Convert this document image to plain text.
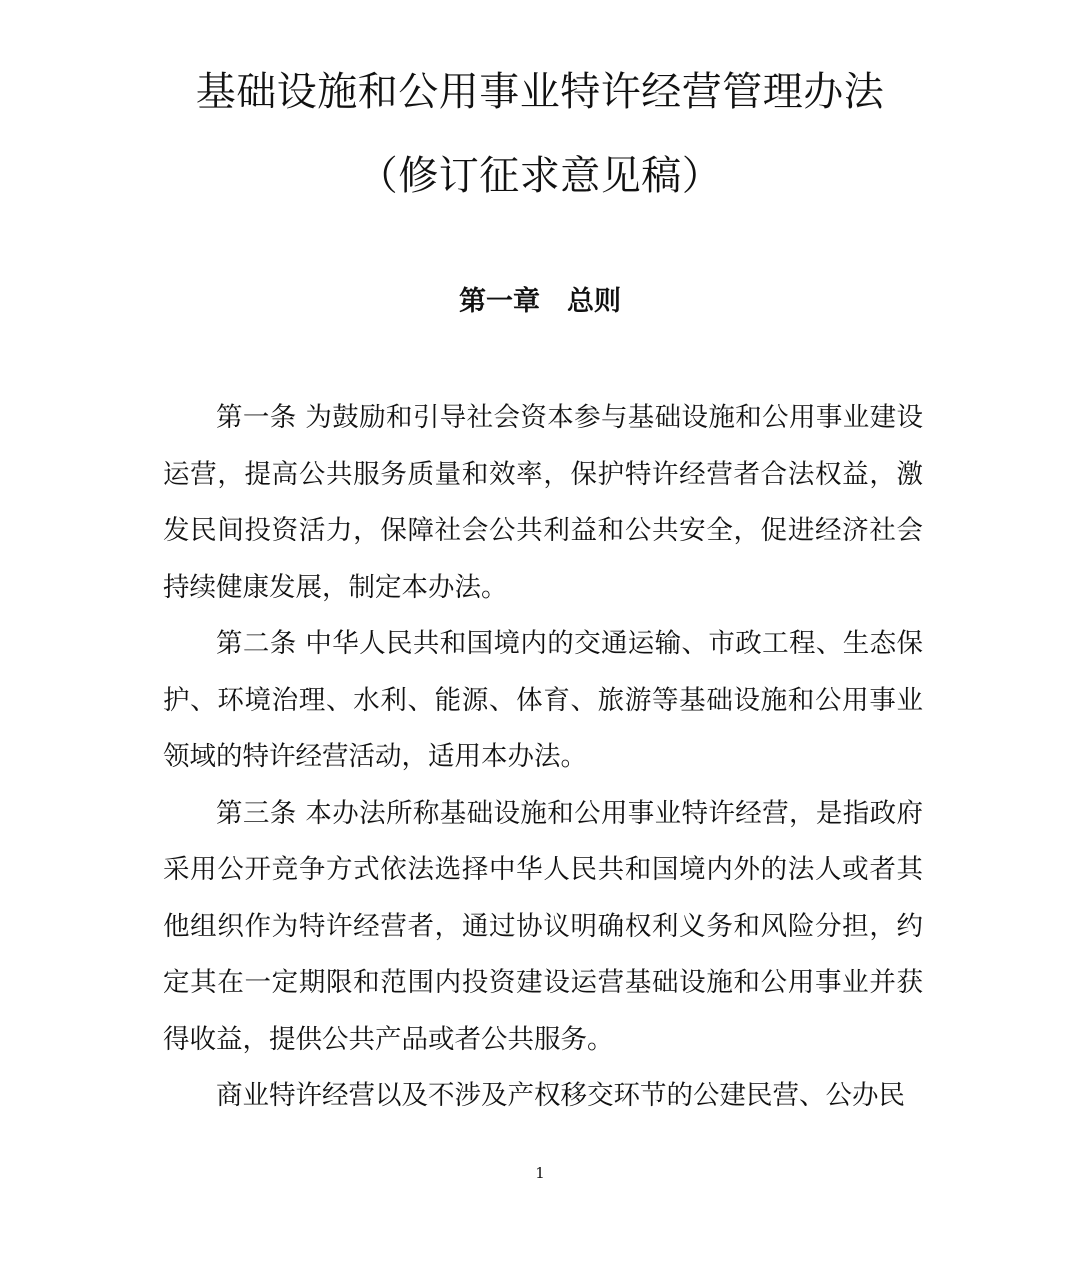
基础设施和公用事业特许经营管理办法
（修订征求意见稿）
第一章　总则

第一条 为鼓励和引导社会资本参与基础设施和公用事业建设运营，提高公共服务质量和效率，保护特许经营者合法权益，激发民间投资活力，保障社会公共利益和公共安全，促进经济社会持续健康发展，制定本办法。

第二条 中华人民共和国境内的交通运输、市政工程、生态保护、环境治理、水利、能源、体育、旅游等基础设施和公用事业领域的特许经营活动，适用本办法。

第三条 本办法所称基础设施和公用事业特许经营，是指政府采用公开竞争方式依法选择中华人民共和国境内外的法人或者其他组织作为特许经营者，通过协议明确权利义务和风险分担，约定其在一定期限和范围内投资建设运营基础设施和公用事业并获得收益，提供公共产品或者公共服务。

商业特许经营以及不涉及产权移交环节的公建民营、公办民

1
